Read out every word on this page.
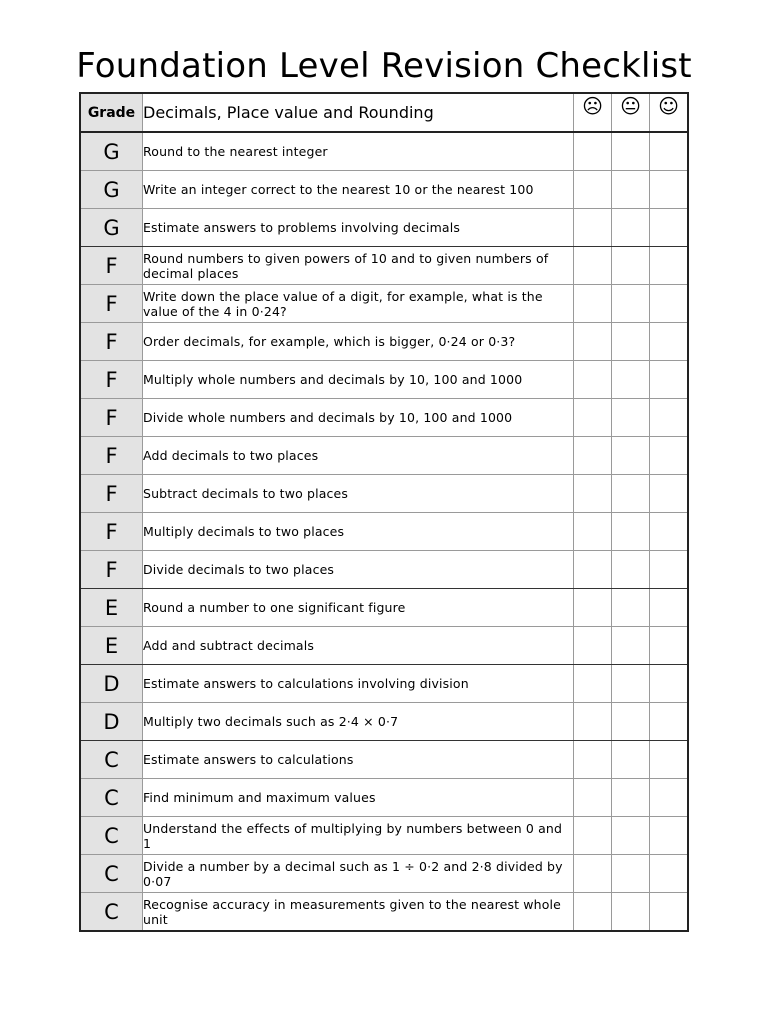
Foundation Level Revision Checklist
Grade	Decimals, Place value and Rounding	☹	😐	☺
G	Round to the nearest integer			
G	Write an integer correct to the nearest 10 or the nearest 100			
G	Estimate answers to problems involving decimals			
F	Round numbers to given powers of 10 and to given numbers of decimal places			
F	Write down the place value of a digit, for example, what is the value of the 4 in 0·24?			
F	Order decimals, for example, which is bigger, 0·24 or 0·3?			
F	Multiply whole numbers and decimals by 10, 100 and 1000			
F	Divide whole numbers and decimals by 10, 100 and 1000			
F	Add decimals to two places			
F	Subtract decimals to two places			
F	Multiply decimals to two places			
F	Divide decimals to two places			
E	Round a number to one significant figure			
E	Add and subtract decimals			
D	Estimate answers to calculations involving division			
D	Multiply two decimals such as 2·4 × 0·7			
C	Estimate answers to calculations			
C	Find minimum and maximum values			
C	Understand the effects of multiplying by numbers between 0 and 1			
C	Divide a number by a decimal such as 1 ÷ 0·2 and 2·8 divided by 0·07			
C	Recognise accuracy in measurements given to the nearest whole unit			
